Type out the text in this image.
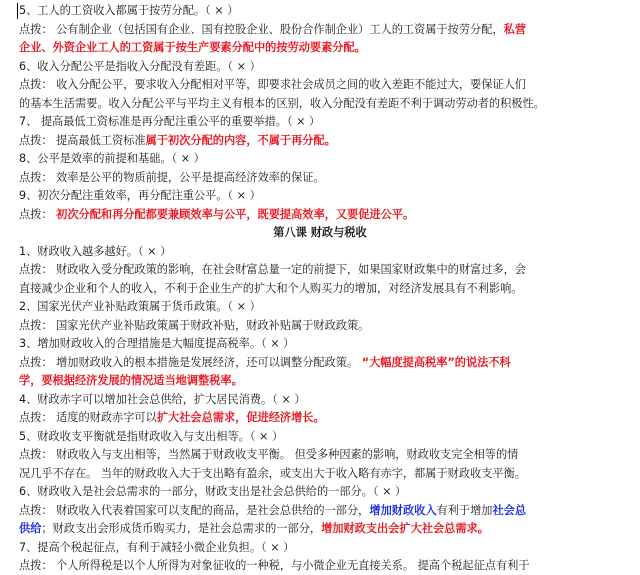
5、工人的工资收入都属于按劳分配。（ × ）
点拨： 公有制企业（包括国有企业、国有控股企业、股份合作制企业）工人的工资属于按劳分配，私营
企业、外资企业工人的工资属于按生产要素分配中的按劳动要素分配。
6、收入分配公平是指收入分配没有差距。（ × ）
点拨： 收入分配公平，要求收入分配相对平等，即要求社会成员之间的收入差距不能过大，要保证人们
的基本生活需要。收入分配公平与平均主义有根本的区别，收入分配没有差距不利于调动劳动者的积极性。
7、 提高最低工资标准是再分配注重公平的重要举措。（ × ）
点拨： 提高最低工资标准属于初次分配的内容，不属于再分配。
8、公平是效率的前提和基础。（ × ）
点拨： 效率是公平的物质前提，公平是提高经济效率的保证。
9、初次分配注重效率，再分配注重公平。（ × ）
点拨： 初次分配和再分配都要兼顾效率与公平，既要提高效率，又要促进公平。
第八课 财政与税收
1、财政收入越多越好。（ × ）
点拨： 财政收入受分配政策的影响，在社会财富总量一定的前提下，如果国家财政集中的财富过多，会
直接减少企业和个人的收入，不利于企业生产的扩大和个人购买力的增加，对经济发展具有不利影响。
2、国家光伏产业补贴政策属于货币政策。（ × ）
点拨： 国家光伏产业补贴政策属于财政补贴，财政补贴属于财政政策。
3、增加财政收入的合理措施是大幅度提高税率。（ × ）
点拨： 增加财政收入的根本措施是发展经济，还可以调整分配政策。 “大幅度提高税率”的说法不科
学，要根据经济发展的情况适当地调整税率。
4、财政赤字可以增加社会总供给，扩大居民消费。（ × ）
点拨： 适度的财政赤字可以扩大社会总需求，促进经济增长。
5、财政收支平衡就是指财政收入与支出相等。（ × ）
点拨： 财政收入与支出相等，当然属于财政收支平衡。 但受多种因素的影响，财政收支完全相等的情
况几乎不存在。 当年的财政收入大于支出略有盈余，或支出大于收入略有赤字，都属于财政收支平衡。
6、财政收入是社会总需求的一部分，财政支出是社会总供给的一部分。（ × ）
点拨： 财政收入代表着国家可以支配的商品，是社会总供给的一部分，增加财政收入有利于增加社会总
供给；财政支出会形成货币购买力，是社会总需求的一部分，增加财政支出会扩大社会总需求。
7、提高个税起征点，有利于减轻小微企业负担。（ × ）
点拨： 个人所得税是以个人所得为对象征收的一种税，与小微企业无直接关系。 提高个税起征点有利于
